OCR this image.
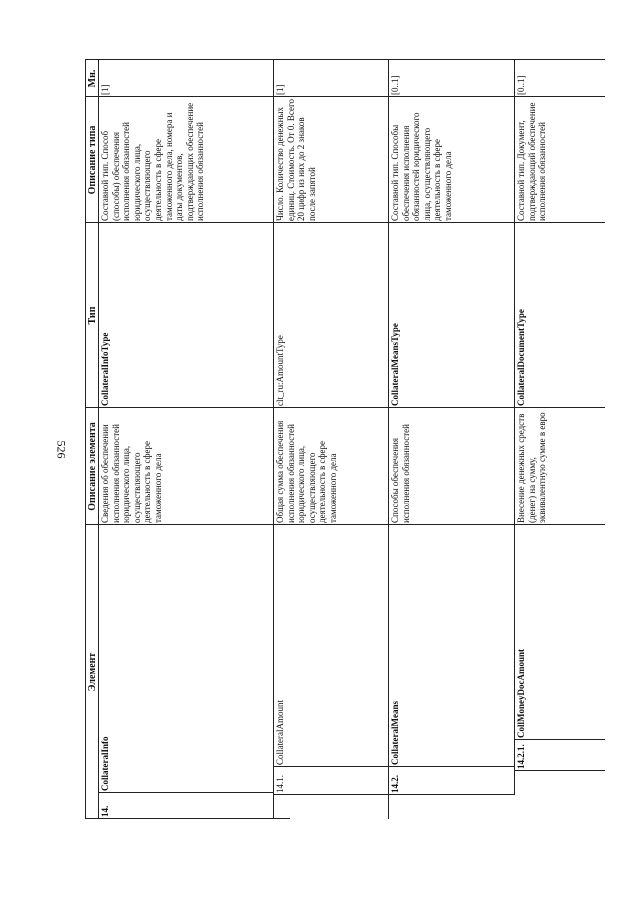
526
Элемент
Описание элемента
Тип
Описание типа
Мн.
14.
CollateralInfo
Сведения об обеспечении исполнения обязанностей юридического лица, осуществляющего деятельность в сфере таможенного дела
CollateralInfoType
Составной тип. Способ (способы) обеспечения исполнения обязанностей юридического лица, осуществляющего деятельность в сфере таможенного дела, номера и даты документов, подтверждающих обеспечение исполнения обязанностей
[1]
14.1.
CollateralAmount
Общая сумма обеспечения исполнения обязанностей юридического лица, осуществляющего деятельность в сфере таможенного дела
clt_ru:AmountType
Число. Количество денежных единиц. Стоимость. От 0. Всего 20 цифр из них до 2 знаков после запятой
[1]
14.2.
CollateralMeans
Способы обеспечения исполнения обязанностей
CollateralMeansType
Составной тип. Способы обеспечения исполнения обязанностей юридического лица, осуществляющего деятельность в сфере таможенного дела
[0..1]
14.2.1.
CollMoneyDocAmount
Внесение денежных средств (денег) на сумму, эквивалентную сумме в евро
CollateralDocumentType
Составной тип. Документ, подтверждающий обеспечение исполнения обязанностей
[0..1]
